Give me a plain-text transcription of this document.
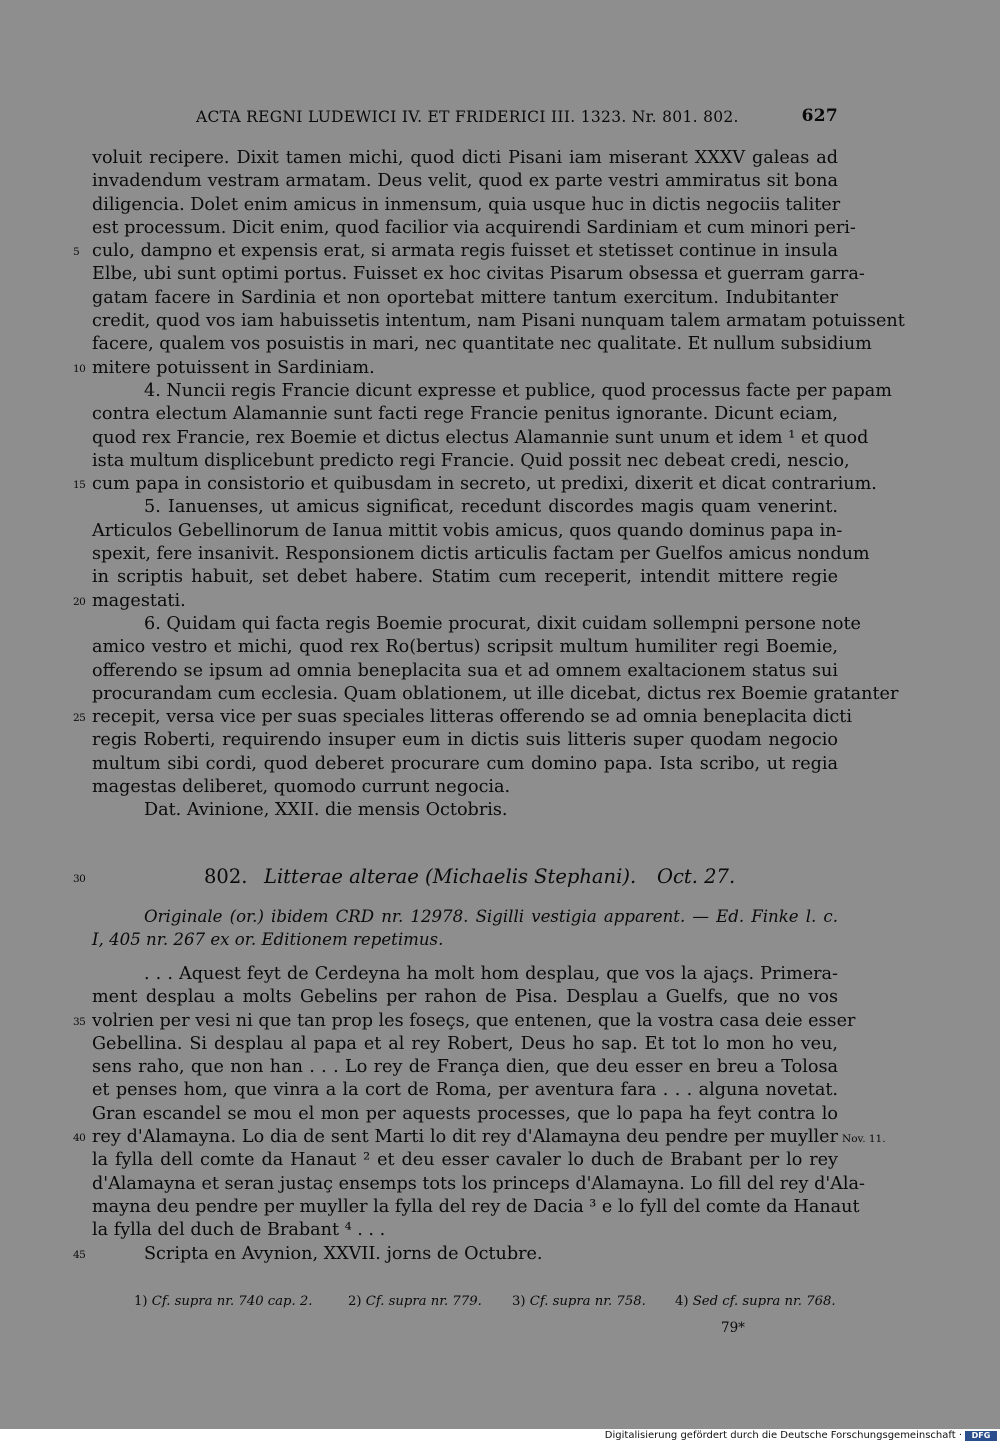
ACTA REGNI LUDEWICI IV. ET FRIDERICI III. 1323. Nr. 801. 802.	627
voluit recipere. Dixit tamen michi, quod dicti Pisani iam miserant XXXV galeas ad
invadendum vestram armatam. Deus velit, quod ex parte vestri ammiratus sit bona
diligencia. Dolet enim amicus in inmensum, quia usque huc in dictis negociis taliter
est processum. Dicit enim, quod facilior via acquirendi Sardiniam et cum minori peri-
5 culo, dampno et expensis erat, si armata regis fuisset et stetisset continue in insula
Elbe, ubi sunt optimi portus. Fuisset ex hoc civitas Pisarum obsessa et guerram garra-
gatam facere in Sardinia et non oportebat mittere tantum exercitum. Indubitanter
credit, quod vos iam habuissetis intentum, nam Pisani nunquam talem armatam potuissent
facere, qualem vos posuistis in mari, nec quantitate nec qualitate. Et nullum subsidium
10 mitere potuissent in Sardiniam.
4. Nuncii regis Francie dicunt expresse et publice, quod processus facte per papam
contra electum Alamannie sunt facti rege Francie penitus ignorante. Dicunt eciam,
quod rex Francie, rex Boemie et dictus electus Alamannie sunt unum et idem ¹ et quod
ista multum displicebunt predicto regi Francie. Quid possit nec debeat credi, nescio,
15 cum papa in consistorio et quibusdam in secreto, ut predixi, dixerit et dicat contrarium.
5. Ianuenses, ut amicus significat, recedunt discordes magis quam venerint.
Articulos Gebellinorum de Ianua mittit vobis amicus, quos quando dominus papa in-
spexit, fere insanivit. Responsionem dictis articulis factam per Guelfos amicus nondum
in scriptis habuit, set debet habere. Statim cum receperit, intendit mittere regie
20 magestati.
6. Quidam qui facta regis Boemie procurat, dixit cuidam sollempni persone note
amico vestro et michi, quod rex Ro(bertus) scripsit multum humiliter regi Boemie,
offerendo se ipsum ad omnia beneplacita sua et ad omnem exaltacionem status sui
procurandam cum ecclesia. Quam oblationem, ut ille dicebat, dictus rex Boemie gratanter
25 recepit, versa vice per suas speciales litteras offerendo se ad omnia beneplacita dicti
regis Roberti, requirendo insuper eum in dictis suis litteris super quodam negocio
multum sibi cordi, quod deberet procurare cum domino papa. Ista scribo, ut regia
magestas deliberet, quomodo currunt negocia.
Dat. Avinione, XXII. die mensis Octobris.
30	802. Litterae alterae (Michaelis Stephani). Oct. 27.
Originale (or.) ibidem CRD nr. 12978. Sigilli vestigia apparent. — Ed. Finke l. c.
I, 405 nr. 267 ex or. Editionem repetimus.
. . . Aquest feyt de Cerdeyna ha molt hom desplau, que vos la ajaçs. Primera-
ment desplau a molts Gebelins per rahon de Pisa. Desplau a Guelfs, que no vos
35 volrien per vesi ni que tan prop les foseçs, que entenen, que la vostra casa deie esser
Gebellina. Si desplau al papa et al rey Robert, Deus ho sap. Et tot lo mon ho veu,
sens raho, que non han . . . Lo rey de França dien, que deu esser en breu a Tolosa
et penses hom, que vinra a la cort de Roma, per aventura fara . . . alguna novetat.
Gran escandel se mou el mon per aquests processes, que lo papa ha feyt contra lo
40 rey d'Alamayna. Lo dia de sent Marti lo dit rey d'Alamayna deu pendre per muyller Nov. 11.
la fylla dell comte da Hanaut ² et deu esser cavaler lo duch de Brabant per lo rey
d'Alamayna et seran justaç ensemps tots los princeps d'Alamayna. Lo fill del rey d'Ala-
mayna deu pendre per muyller la fylla del rey de Dacia ³ e lo fyll del comte da Hanaut
la fylla del duch de Brabant ⁴ . . .
45	Scripta en Avynion, XXVII. jorns de Octubre.
1) Cf. supra nr. 740 cap. 2.	2) Cf. supra nr. 779. 3) Cf. supra nr. 758. 4) Sed cf. supra nr. 768.
79*
Digitalisierung gefördert durch die Deutsche Forschungsgemeinschaft ·	DFG
